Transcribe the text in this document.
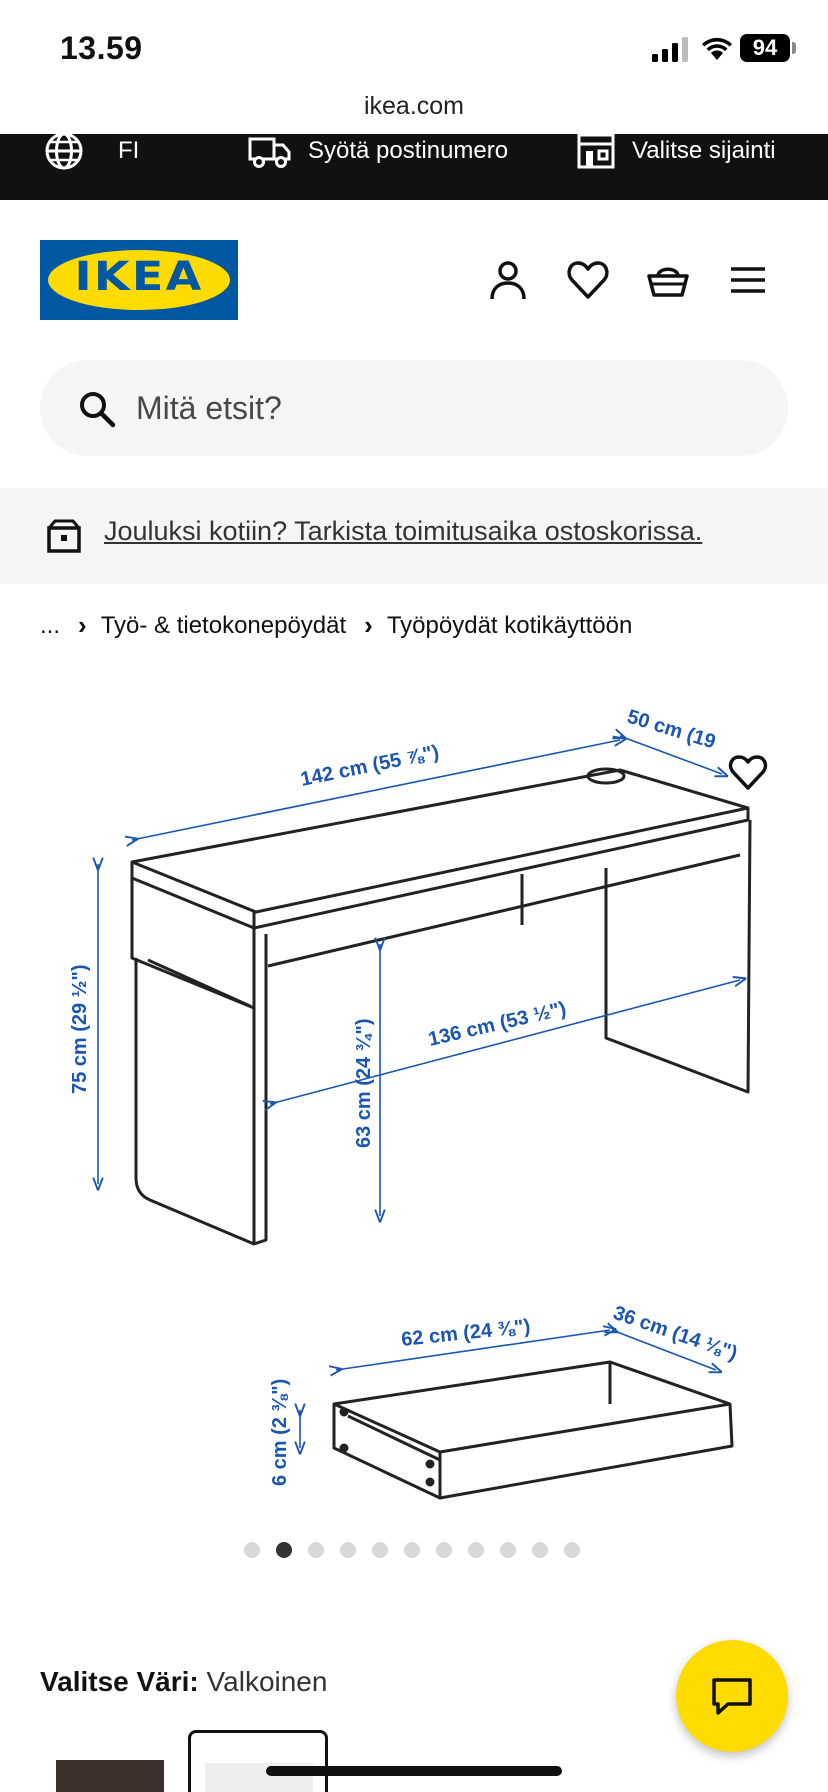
13.59	94
ikea.com
FI	Syötä postinumero	Valitse sijainti
IKEA
Mitä etsit?
Jouluksi kotiin? Tarkista toimitusaika ostoskorissa.
... › Työ- & tietokonepöydät › Työpöydät kotikäyttöön
142 cm (55 ⅞")
50 cm (19
75 cm (29 ½")	63 cm (24 ¾")	136 cm (53 ½")
62 cm (24 ⅜")	36 cm (14 ⅛")
6 cm (2 ⅜")
Valitse Väri: Valkoinen
